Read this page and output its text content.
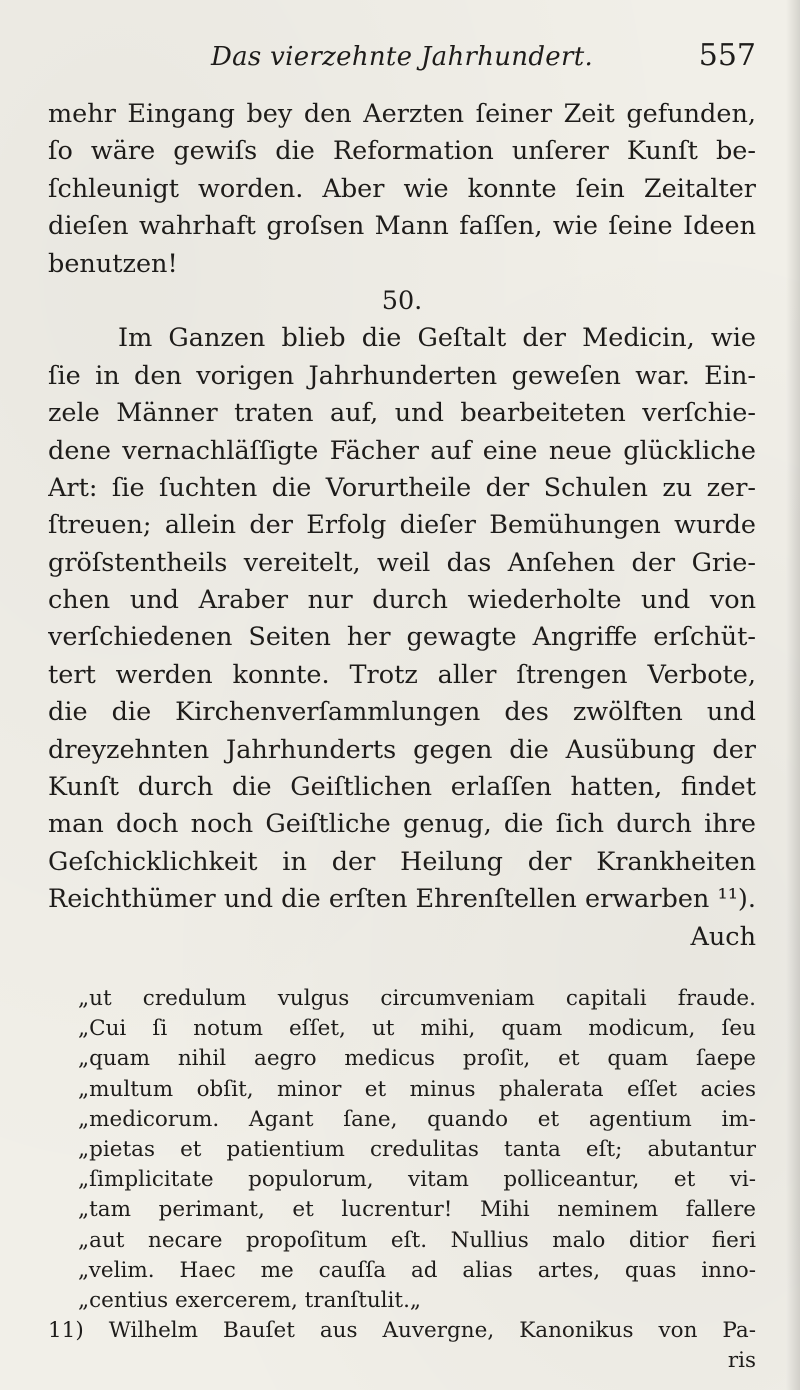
Das vierzehnte Jahrhundert.	557
mehr Eingang bey den Aerzten ſeiner Zeit gefunden,
ſo wäre gewiſs die Reformation unſerer Kunſt be-
ſchleunigt worden. Aber wie konnte ſein Zeitalter
dieſen wahrhaft groſsen Mann faſſen, wie ſeine Ideen
benutzen!
50.
Im Ganzen blieb die Geſtalt der Medicin, wie
ſie in den vorigen Jahrhunderten geweſen war. Ein-
zele Männer traten auf, und bearbeiteten verſchie-
dene vernachläſſigte Fächer auf eine neue glückliche
Art: ſie ſuchten die Vorurtheile der Schulen zu zer-
ſtreuen; allein der Erfolg dieſer Bemühungen wurde
gröſstentheils vereitelt, weil das Anſehen der Grie-
chen und Araber nur durch wiederholte und von
verſchiedenen Seiten her gewagte Angriffe erſchüt-
tert werden konnte. Trotz aller ſtrengen Verbote,
die die Kirchenverſammlungen des zwölften und
dreyzehnten Jahrhunderts gegen die Ausübung der
Kunſt durch die Geiſtlichen erlaſſen hatten, findet
man doch noch Geiſtliche genug, die ſich durch ihre
Geſchicklichkeit in der Heilung der Krankheiten
Reichthümer und die erſten Ehrenſtellen erwarben ¹¹).
Auch
„ut credulum vulgus circumveniam capitali fraude.
„Cui ſi notum eſſet, ut mihi, quam modicum, ſeu
„quam nihil aegro medicus proſit, et quam ſaepe
„multum obſit, minor et minus phalerata eſſet acies
„medicorum. Agant ſane, quando et agentium im-
„pietas et patientium credulitas tanta eſt; abutantur
„ſimplicitate populorum, vitam polliceantur, et vi-
„tam perimant, et lucrentur! Mihi neminem fallere
„aut necare propoſitum eſt. Nullius malo ditior fieri
„velim. Haec me cauſſa ad alias artes, quas inno-
„centius exercerem, tranſtulit.„
11) Wilhelm Bauſet aus Auvergne, Kanonikus von Pa-
ris
